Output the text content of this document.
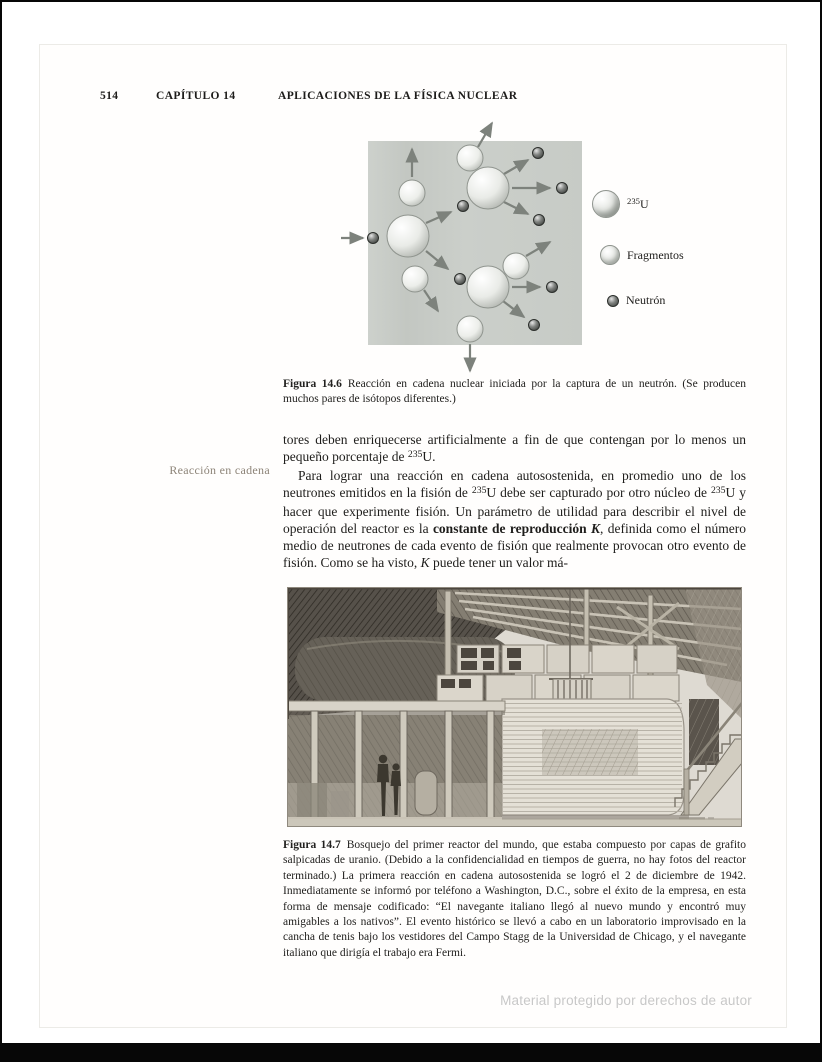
514	CAPÍTULO 14	APLICACIONES DE LA FÍSICA NUCLEAR
$^{235}$U
Fragmentos
Neutrón

Figura 14.6 Reacción en cadena nuclear iniciada por la captura de un neutrón. (Se producen muchos pares de isótopos diferentes.)

Reacción en cadena

tores deben enriquecerse artificialmente a fin de que contengan por lo menos un pequeño porcentaje de $^{235}$U.

Para lograr una reacción en cadena autosostenida, en promedio uno de los neutrones emitidos en la fisión de $^{235}$U debe ser capturado por otro núcleo de $^{235}$U y hacer que experimente fisión. Un parámetro de utilidad para describir el nivel de operación del reactor es la constante de reproducción K, definida como el número medio de neutrones de cada evento de fisión que realmente provocan otro evento de fisión. Como se ha visto, K puede tener un valor má-

Figura 14.7 Bosquejo del primer reactor del mundo, que estaba compuesto por capas de grafito salpicadas de uranio. (Debido a la confidencialidad en tiempos de guerra, no hay fotos del reactor terminado.) La primera reacción en cadena autosostenida se logró el 2 de diciembre de 1942. Inmediatamente se informó por teléfono a Washington, D.C., sobre el éxito de la empresa, en esta forma de mensaje codificado: “El navegante italiano llegó al nuevo mundo y encontró muy amigables a los nativos”. El evento histórico se llevó a cabo en un laboratorio improvisado en la cancha de tenis bajo los vestidores del Campo Stagg de la Universidad de Chicago, y el navegante italiano que dirigía el trabajo era Fermi.

Material protegido por derechos de autor
